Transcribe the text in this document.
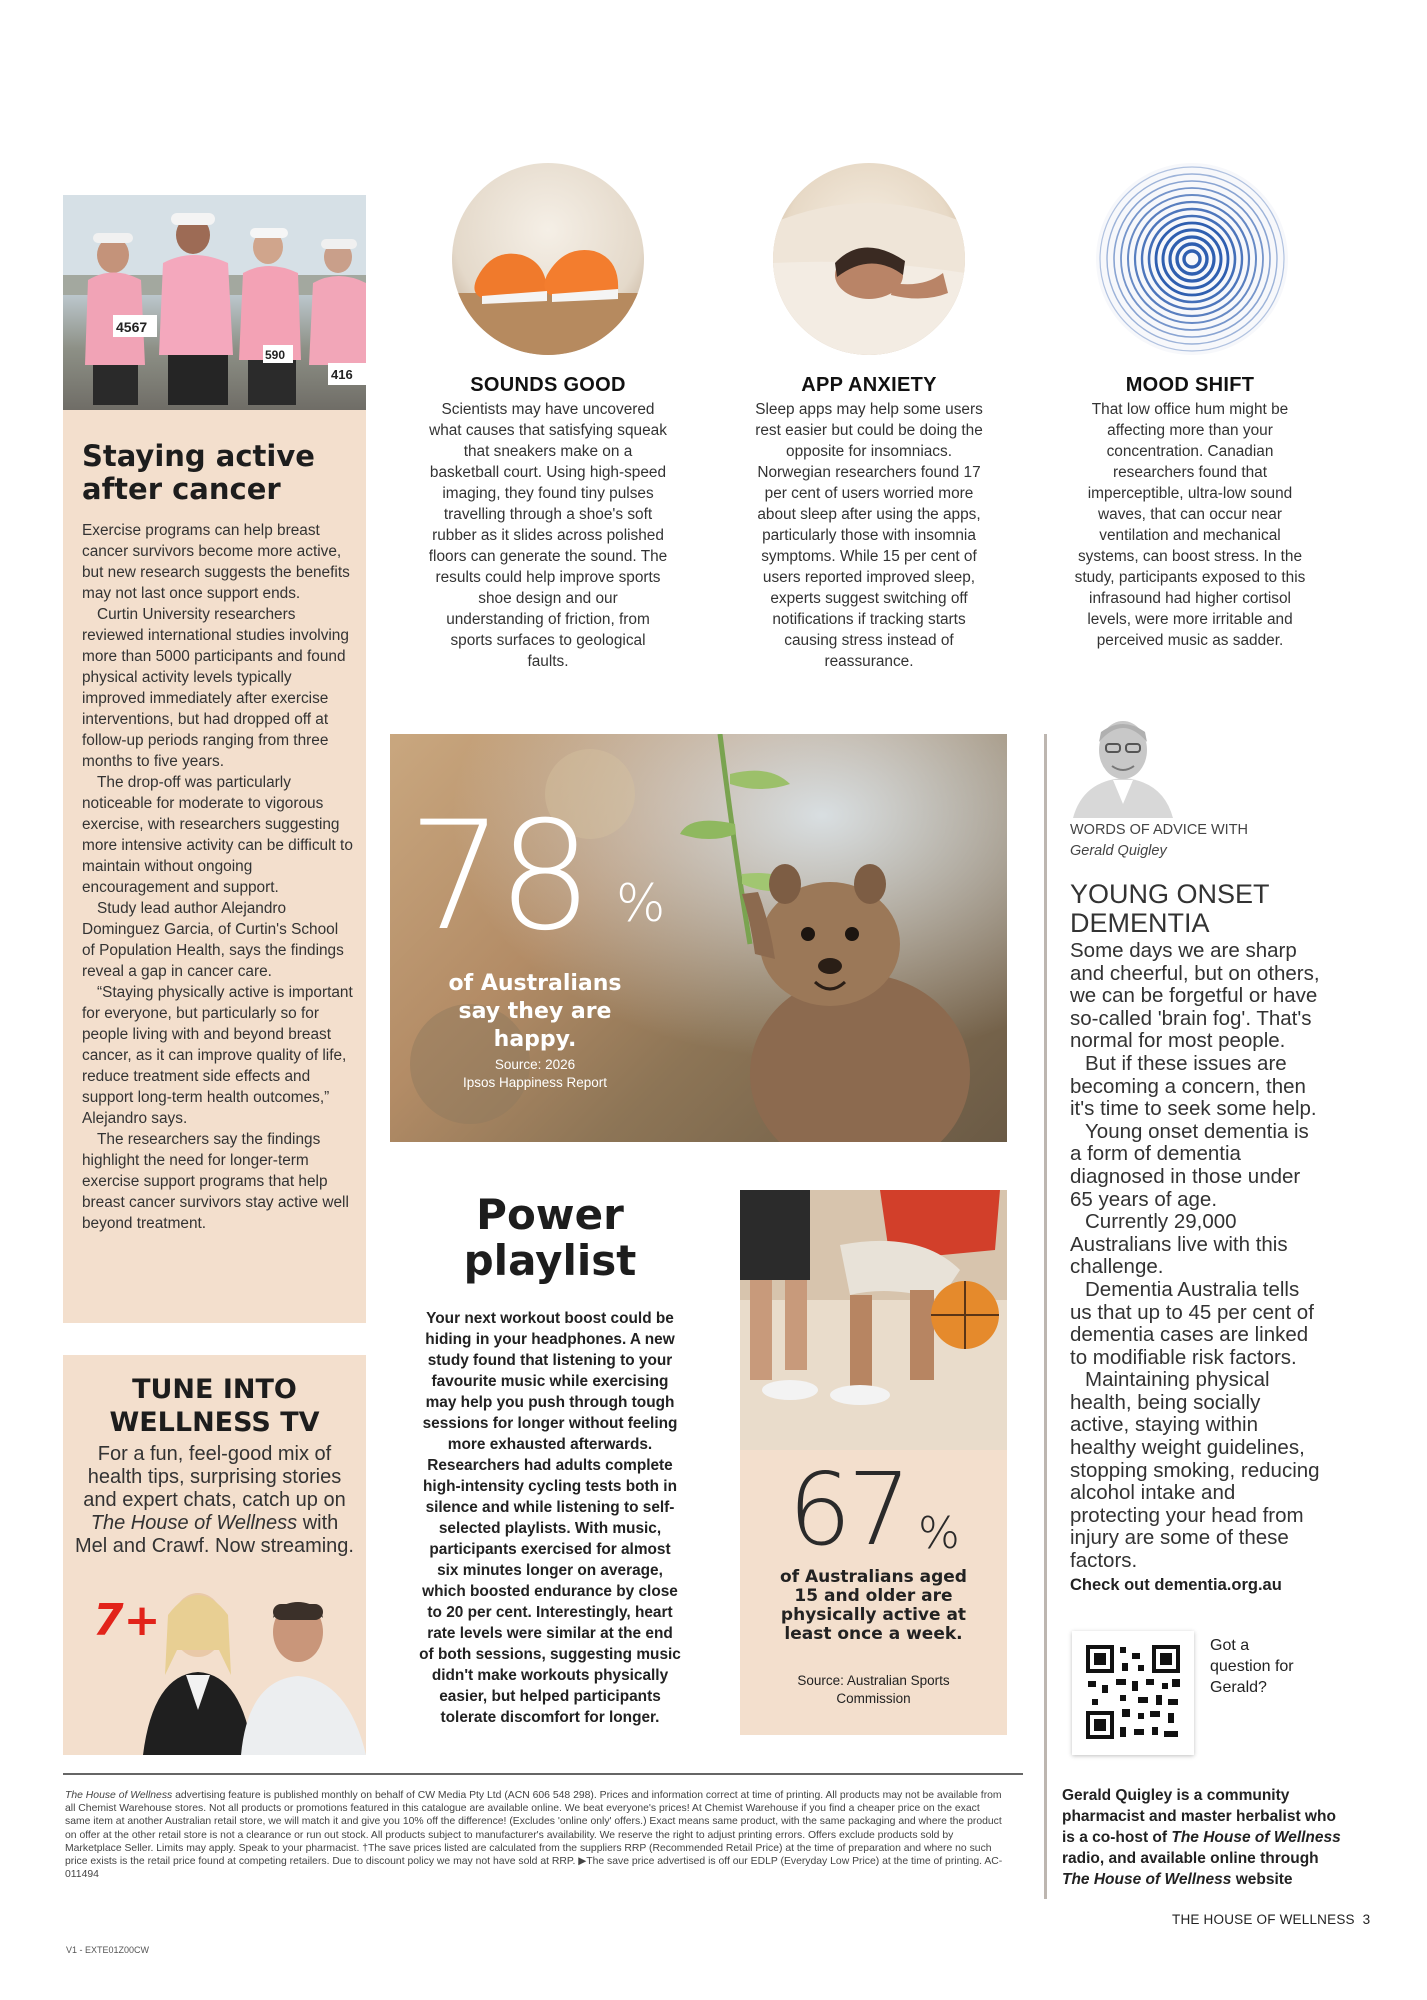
4567
590
416
Staying active after cancer

Exercise programs can help breast cancer survivors become more active, but new research suggests the benefits may not last once support ends.

Curtin University researchers reviewed international studies involving more than 5000 participants and found physical activity levels typically improved immediately after exercise interventions, but had dropped off at follow-up periods ranging from three months to five years.

The drop-off was particularly noticeable for moderate to vigorous exercise, with researchers suggesting more intensive activity can be difficult to maintain without ongoing encouragement and support.

Study lead author Alejandro Dominguez Garcia, of Curtin's School of Population Health, says the findings reveal a gap in cancer care.

“Staying physically active is important for everyone, but particularly so for people living with and beyond breast cancer, as it can improve quality of life, reduce treatment side effects and support long-term health outcomes,” Alejandro says.

The researchers say the findings highlight the need for longer-term exercise support programs that help breast cancer survivors stay active well beyond treatment.

7+
TUNE INTO WELLNESS TV
For a fun, feel-good mix of health tips, surprising stories and expert chats, catch up on The House of Wellness with Mel and Crawf. Now streaming.
SOUNDS GOOD
Scientists may have uncovered what causes that satisfying squeak that sneakers make on a basketball court. Using high-speed imaging, they found tiny pulses travelling through a shoe's soft rubber as it slides across polished floors can generate the sound. The results could help improve sports shoe design and our understanding of friction, from sports surfaces to geological faults.
APP ANXIETY
Sleep apps may help some users rest easier but could be doing the opposite for insomniacs. Norwegian researchers found 17 per cent of users worried more about sleep after using the apps, particularly those with insomnia symptoms. While 15 per cent of users reported improved sleep, experts suggest switching off notifications if tracking starts causing stress instead of reassurance.
MOOD SHIFT
That low office hum might be affecting more than your concentration. Canadian researchers found that imperceptible, ultra-low sound waves, that can occur near ventilation and mechanical systems, can boost stress. In the study, participants exposed to this infrasound had higher cortisol levels, were more irritable and perceived music as sadder.
78 %
of Australians say they are happy.
Source: 2026
Ipsos Happiness Report
Power playlist
Your next workout boost could be hiding in your headphones. A new study found that listening to your favourite music while exercising may help you push through tough sessions for longer without feeling more exhausted afterwards. Researchers had adults complete high-intensity cycling tests both in silence and while listening to self-selected playlists. With music, participants exercised for almost six minutes longer on average, which boosted endurance by close to 20 per cent. Interestingly, heart rate levels were similar at the end of both sessions, suggesting music didn't make workouts physically easier, but helped participants tolerate discomfort for longer.
67 %
of Australians aged 15 and older are physically active at least once a week.
Source: Australian Sports Commission
WORDS OF ADVICE WITH
Gerald Quigley
YOUNG ONSET DEMENTIA

Some days we are sharp and cheerful, but on others, we can be forgetful or have so-called 'brain fog'. That's normal for most people.

But if these issues are becoming a concern, then it's time to seek some help.

Young onset dementia is a form of dementia diagnosed in those under 65 years of age.

Currently 29,000 Australians live with this challenge.

Dementia Australia tells us that up to 45 per cent of dementia cases are linked to modifiable risk factors.

Maintaining physical health, being socially active, staying within healthy weight guidelines, stopping smoking, reducing alcohol intake and protecting your head from injury are some of these factors.

Check out dementia.org.au
Got a question for Gerald?
Gerald Quigley is a community pharmacist and master herbalist who is a co-host of The House of Wellness radio, and available online through The House of Wellness website
The House of Wellness advertising feature is published monthly on behalf of CW Media Pty Ltd (ACN 606 548 298). Prices and information correct at time of printing. All products may not be available from all Chemist Warehouse stores. Not all products or promotions featured in this catalogue are available online. We beat everyone's prices! At Chemist Warehouse if you find a cheaper price on the exact same item at another Australian retail store, we will match it and give you 10% off the difference! (Excludes 'online only' offers.) Exact means same product, with the same packaging and where the product on offer at the other retail store is not a clearance or run out stock. All products subject to manufacturer's availability. We reserve the right to adjust printing errors. Offers exclude products sold by Marketplace Seller. Limits may apply. Speak to your pharmacist. †The save prices listed are calculated from the suppliers RRP (Recommended Retail Price) at the time of preparation and where no such price exists is the retail price found at competing retailers. Due to discount policy we may not have sold at RRP. ▶The save price advertised is off our EDLP (Everyday Low Price) at the time of printing. AC-011494
THE HOUSE OF WELLNESS 3
V1 - EXTE01Z00CW
